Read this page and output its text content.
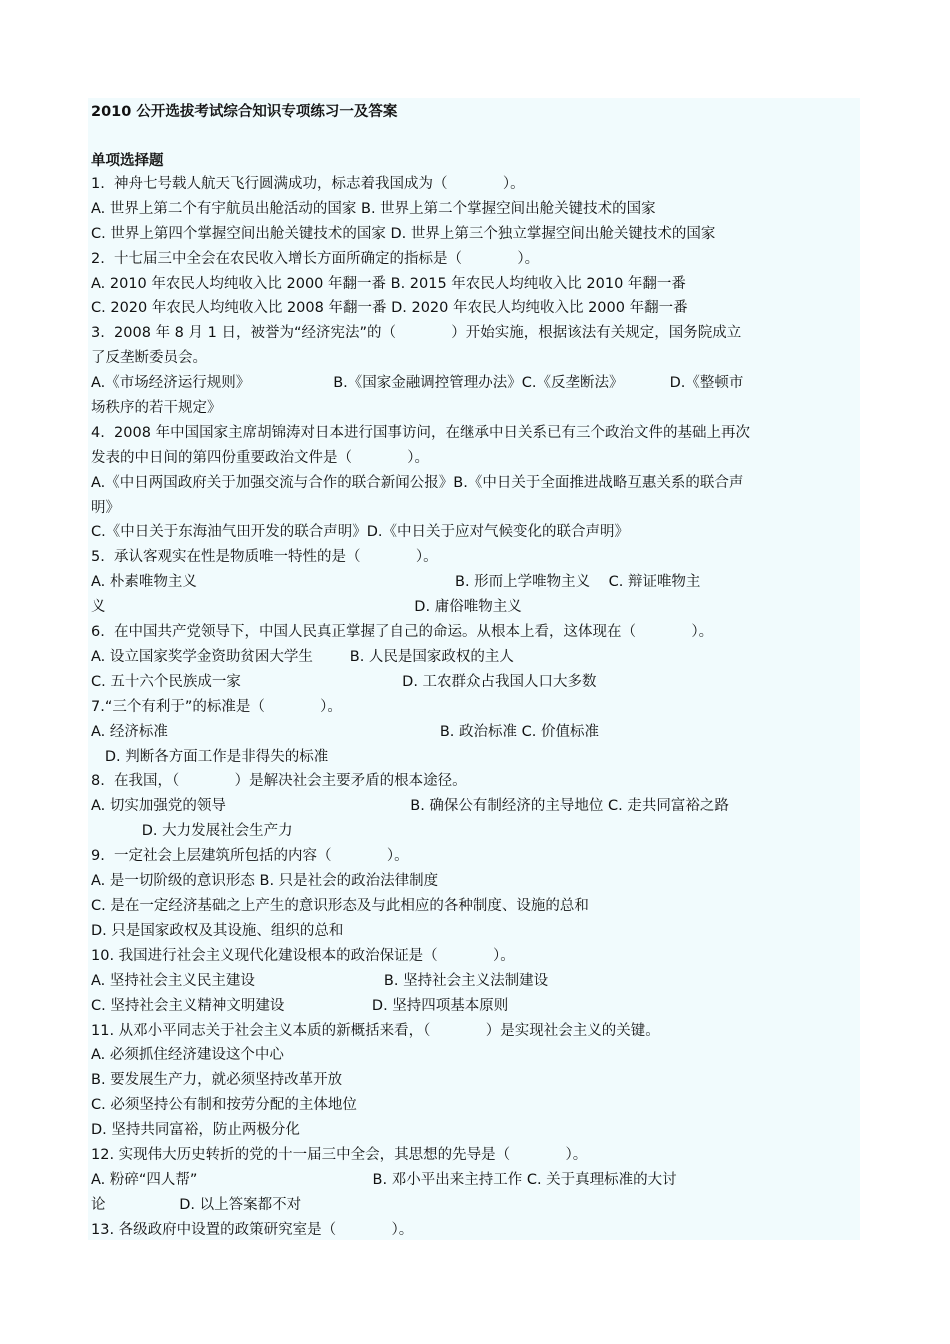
2010 公开选拔考试综合知识专项练习一及答案
单项选择题
1.  神舟七号载人航天飞行圆满成功，标志着我国成为（            ）。
A. 世界上第二个有宇航员出舱活动的国家 B. 世界上第二个掌握空间出舱关键技术的国家
C. 世界上第四个掌握空间出舱关键技术的国家 D. 世界上第三个独立掌握空间出舱关键技术的国家
2.  十七届三中全会在农民收入增长方面所确定的指标是（            ）。
A. 2010 年农民人均纯收入比 2000 年翻一番 B. 2015 年农民人均纯收入比 2010 年翻一番
C. 2020 年农民人均纯收入比 2008 年翻一番 D. 2020 年农民人均纯收入比 2000 年翻一番
3.  2008 年 8 月 1 日，被誉为“经济宪法”的（            ）开始实施，根据该法有关规定，国务院成立
了反垄断委员会。
A.《市场经济运行规则》                  B.《国家金融调控管理办法》C.《反垄断法》          D.《整顿市
场秩序的若干规定》
4.  2008 年中国国家主席胡锦涛对日本进行国事访问，在继承中日关系已有三个政治文件的基础上再次
发表的中日间的第四份重要政治文件是（            ）。
A.《中日两国政府关于加强交流与合作的联合新闻公报》B.《中日关于全面推进战略互惠关系的联合声
明》
C.《中日关于东海油气田开发的联合声明》D.《中日关于应对气候变化的联合声明》
5.  承认客观实在性是物质唯一特性的是（            ）。
A. 朴素唯物主义                                                        B. 形而上学唯物主义    C. 辩证唯物主
义                                                                   D. 庸俗唯物主义
6.  在中国共产党领导下，中国人民真正掌握了自己的命运。从根本上看，这体现在（            ）。
A. 设立国家奖学金资助贫困大学生        B. 人民是国家政权的主人
C. 五十六个民族成一家                                   D. 工农群众占我国人口大多数
7.“三个有利于”的标准是（            ）。
A. 经济标准                                                           B. 政治标准 C. 价值标准
D. 判断各方面工作是非得失的标准
8.  在我国，（            ）是解决社会主要矛盾的根本途径。
A. 切实加强党的领导                                        B. 确保公有制经济的主导地位 C. 走共同富裕之路
D. 大力发展社会生产力
9.  一定社会上层建筑所包括的内容（            ）。
A. 是一切阶级的意识形态 B. 只是社会的政治法律制度
C. 是在一定经济基础之上产生的意识形态及与此相应的各种制度、设施的总和
D. 只是国家政权及其设施、组织的总和
10. 我国进行社会主义现代化建设根本的政治保证是（            ）。
A. 坚持社会主义民主建设                            B. 坚持社会主义法制建设
C. 坚持社会主义精神文明建设                   D. 坚持四项基本原则
11. 从邓小平同志关于社会主义本质的新概括来看，（            ）是实现社会主义的关键。
A. 必须抓住经济建设这个中心
B. 要发展生产力，就必须坚持改革开放
C. 必须坚持公有制和按劳分配的主体地位
D. 坚持共同富裕，防止两极分化
12. 实现伟大历史转折的党的十一届三中全会，其思想的先导是（            ）。
A. 粉碎“四人帮”                                      B. 邓小平出来主持工作 C. 关于真理标准的大讨
论                D. 以上答案都不对
13. 各级政府中设置的政策研究室是（            ）。
